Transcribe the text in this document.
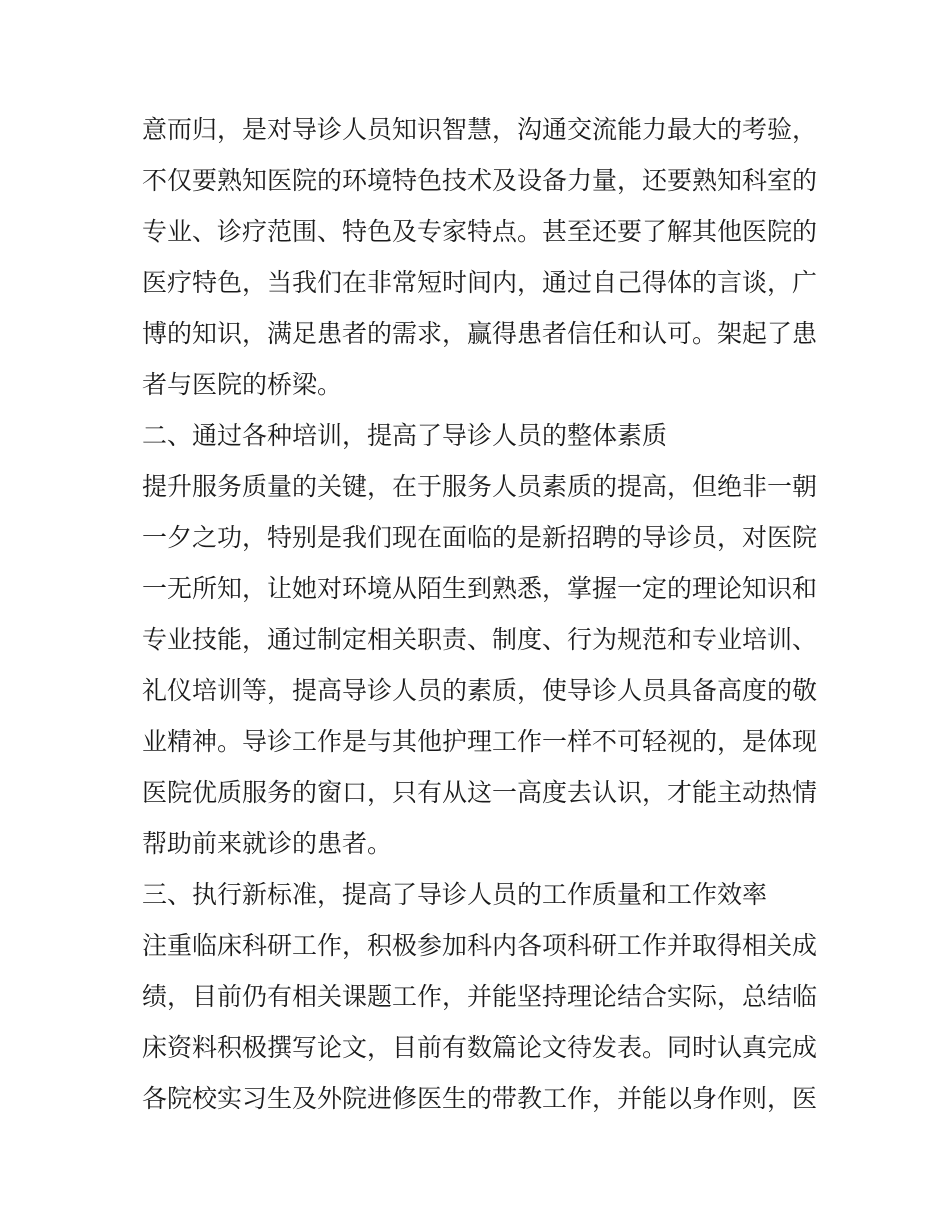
意而归，是对导诊人员知识智慧，沟通交流能力最大的考验，
不仅要熟知医院的环境特色技术及设备力量，还要熟知科室的
专业、诊疗范围、特色及专家特点。甚至还要了解其他医院的
医疗特色，当我们在非常短时间内，通过自己得体的言谈，广
博的知识，满足患者的需求，赢得患者信任和认可。架起了患
者与医院的桥梁。
二、通过各种培训，提高了导诊人员的整体素质
提升服务质量的关键，在于服务人员素质的提高，但绝非一朝
一夕之功，特别是我们现在面临的是新招聘的导诊员，对医院
一无所知，让她对环境从陌生到熟悉，掌握一定的理论知识和
专业技能，通过制定相关职责、制度、行为规范和专业培训、
礼仪培训等，提高导诊人员的素质，使导诊人员具备高度的敬
业精神。导诊工作是与其他护理工作一样不可轻视的，是体现
医院优质服务的窗口，只有从这一高度去认识，才能主动热情
帮助前来就诊的患者。
三、执行新标准，提高了导诊人员的工作质量和工作效率
注重临床科研工作，积极参加科内各项科研工作并取得相关成
绩，目前仍有相关课题工作，并能坚持理论结合实际，总结临
床资料积极撰写论文，目前有数篇论文待发表。同时认真完成
各院校实习生及外院进修医生的带教工作，并能以身作则，医
